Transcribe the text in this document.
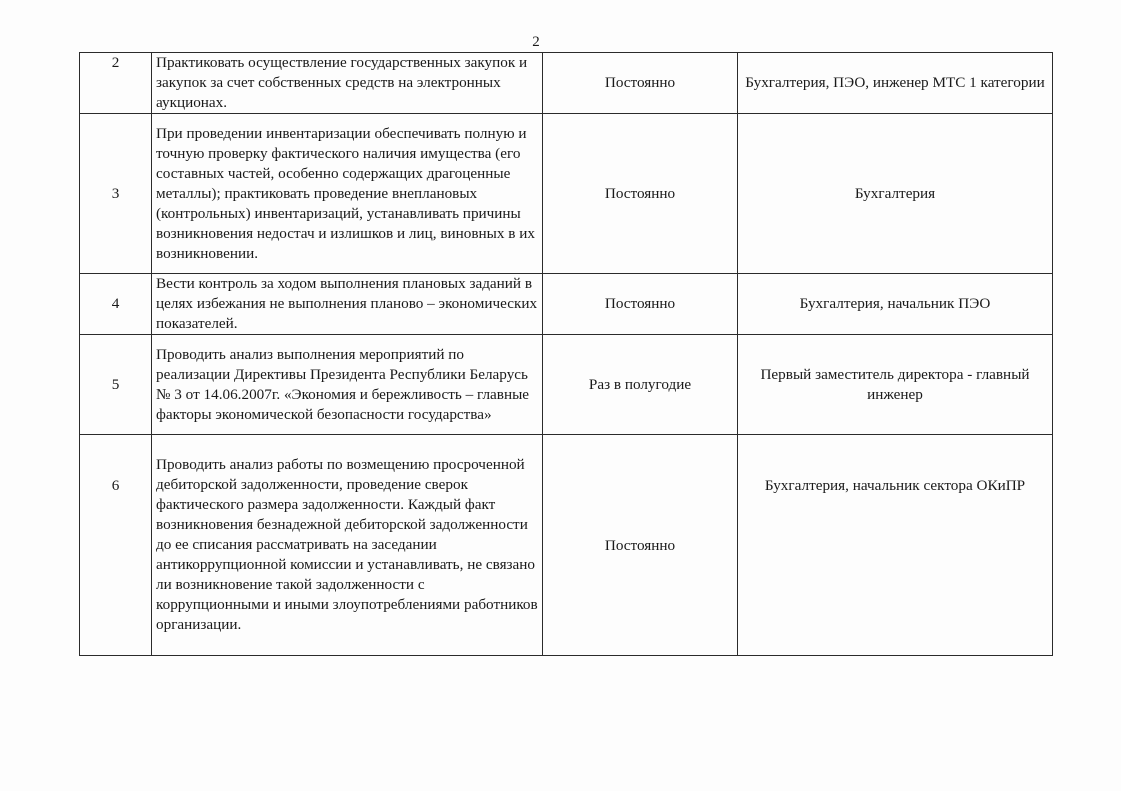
2
2	Практиковать осуществление государственных закупок и закупок за счет собственных средств на электронных аукционах.	Постоянно	Бухгалтерия, ПЭО, инженер МТС 1 категории
3	При проведении инвентаризации обеспечивать полную и точную проверку фактического наличия имущества (его составных частей, особенно содержащих драгоценные металлы); практиковать проведение внеплановых (контрольных) инвентаризаций, устанавливать причины возникновения недостач и излишков и лиц, виновных в их возникновении.	Постоянно	Бухгалтерия
4	Вести контроль за ходом выполнения плановых заданий в целях избежания не выполнения планово – экономических показателей.	Постоянно	Бухгалтерия, начальник ПЭО
5	Проводить анализ выполнения мероприятий по реализации Директивы Президента Республики Беларусь № 3 от 14.06.2007г. «Экономия и бережливость – главные факторы экономической безопасности государства»	Раз в полугодие	Первый заместитель директора - главный инженер
6	Проводить анализ работы по возмещению просроченной дебиторской задолженности, проведение сверок фактического размера задолженности. Каждый факт возникновения безнадежной дебиторской задолженности до ее списания рассматривать на заседании антикоррупционной комиссии и устанавливать, не связано ли возникновение такой задолженности с коррупционными и иными злоупотреблениями работников организации.	Постоянно	Бухгалтерия, начальник сектора ОКиПР
